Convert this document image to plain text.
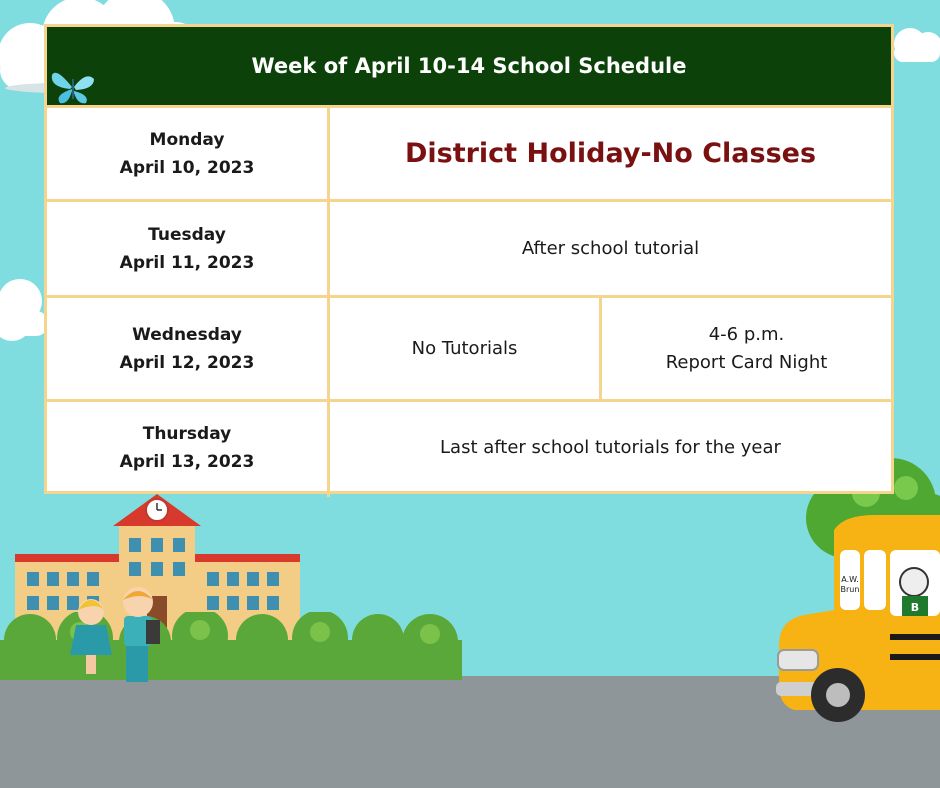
A.W.
Brun
B
Week of April 10-14 School Schedule
Monday
April 10, 2023	District Holiday-No Classes
Tuesday
April 11, 2023
After school tutorial
Wednesday
April 12, 2023
No Tutorials
4-6 p.m.
Report Card Night
Thursday
April 13, 2023
Last after school tutorials for the year
